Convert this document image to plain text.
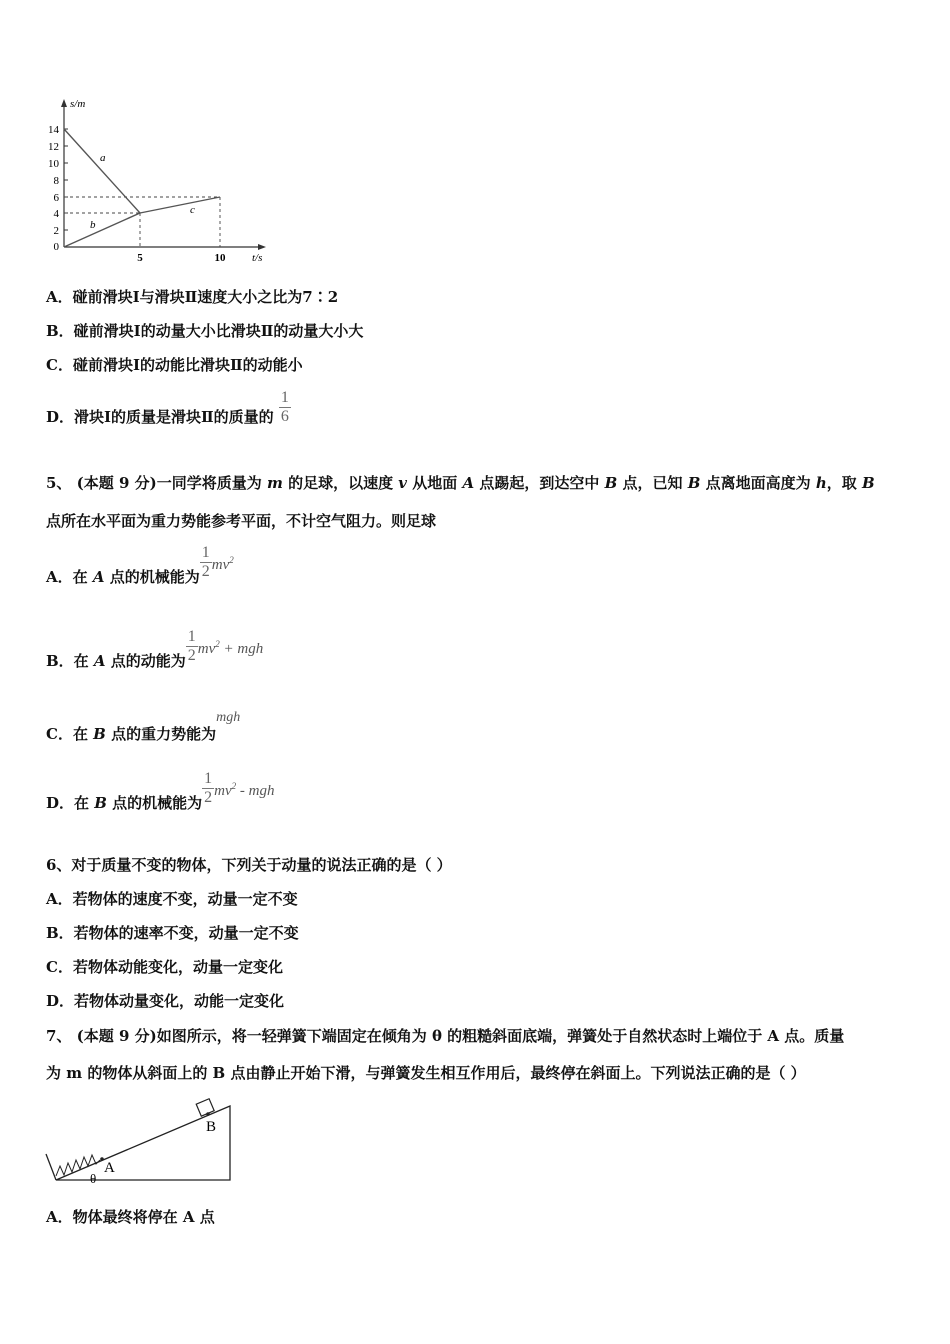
s/m
t/s
14
12
10
8
6
4
2
0
5	10
a
b
c
A．碰前滑块Ⅰ与滑块Ⅱ速度大小之比为7∶2
B．碰前滑块Ⅰ的动量大小比滑块Ⅱ的动量大小大
C．碰前滑块Ⅰ的动能比滑块Ⅱ的动能小
D．滑块Ⅰ的质量是滑块Ⅱ的质量的 $\frac{1}{6}$
5、 (本题 9 分)一同学将质量为 m 的足球，以速度 v 从地面 A 点踢起，到达空中 B 点，已知 B 点离地面高度为 h，取 B
点所在水平面为重力势能参考平面，不计空气阻力。则足球
A．在 A 点的机械能为 $\frac{1}{2} mv^2$
B．在 A 点的动能为 $\frac{1}{2} mv^2$ + mgh
C．在 B 点的重力势能为mgh
D．在 B 点的机械能为 $\frac{1}{2} mv^2$ - mgh
6、对于质量不变的物体，下列关于动量的说法正确的是（ ）
A．若物体的速度不变，动量一定不变
B．若物体的速率不变，动量一定不变
C．若物体动能变化，动量一定变化
D．若物体动量变化，动能一定变化
7、 (本题 9 分)如图所示，将一轻弹簧下端固定在倾角为 θ 的粗糙斜面底端，弹簧处于自然状态时上端位于 A 点。质量
为 m 的物体从斜面上的 B 点由静止开始下滑，与弹簧发生相互作用后，最终停在斜面上。下列说法正确的是（ ）
A
θ
B
A．物体最终将停在 A 点
